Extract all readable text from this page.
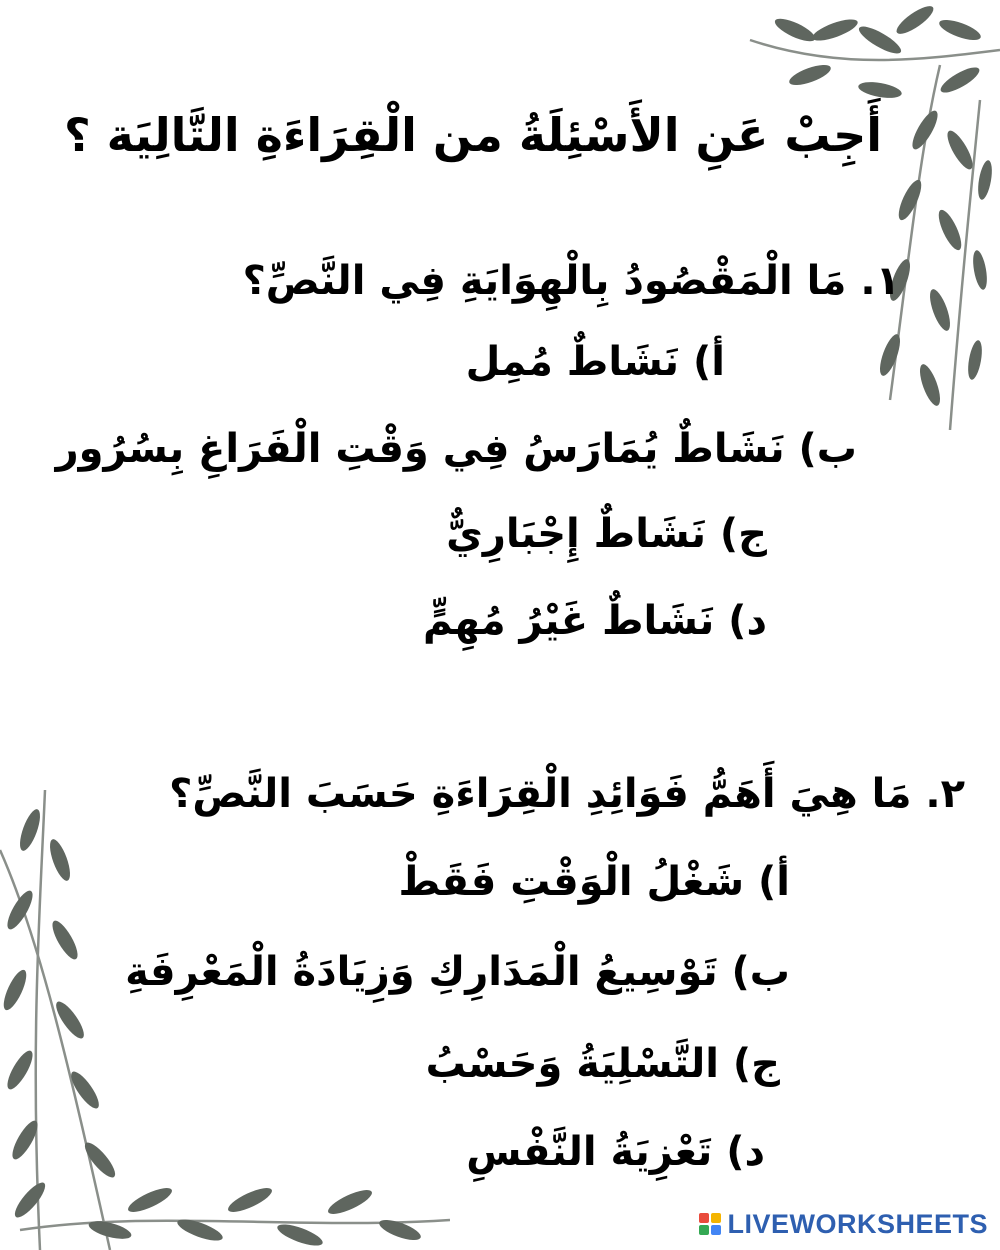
أَجِبْ عَنِ الأَسْئِلَةُ من الْقِرَاءَةِ التَّالِيَة ؟
١. مَا الْمَقْصُودُ بِالْهِوَايَةِ فِي النَّصِّ؟
أ) نَشَاطٌ مُمِل
ب) نَشَاطٌ يُمَارَسُ فِي وَقْتِ الْفَرَاغِ بِسُرُور
ج) نَشَاطٌ إِجْبَارِيٌّ
د) نَشَاطٌ غَيْرُ مُهِمٍّ
٢. مَا هِيَ أَهَمُّ فَوَائِدِ الْقِرَاءَةِ حَسَبَ النَّصِّ؟
أ) شَغْلُ الْوَقْتِ فَقَطْ
ب) تَوْسِيعُ الْمَدَارِكِ وَزِيَادَةُ الْمَعْرِفَةِ
ج) التَّسْلِيَةُ وَحَسْبُ
د) تَعْزِيَةُ النَّفْسِ
LIVEWORKSHEETS
